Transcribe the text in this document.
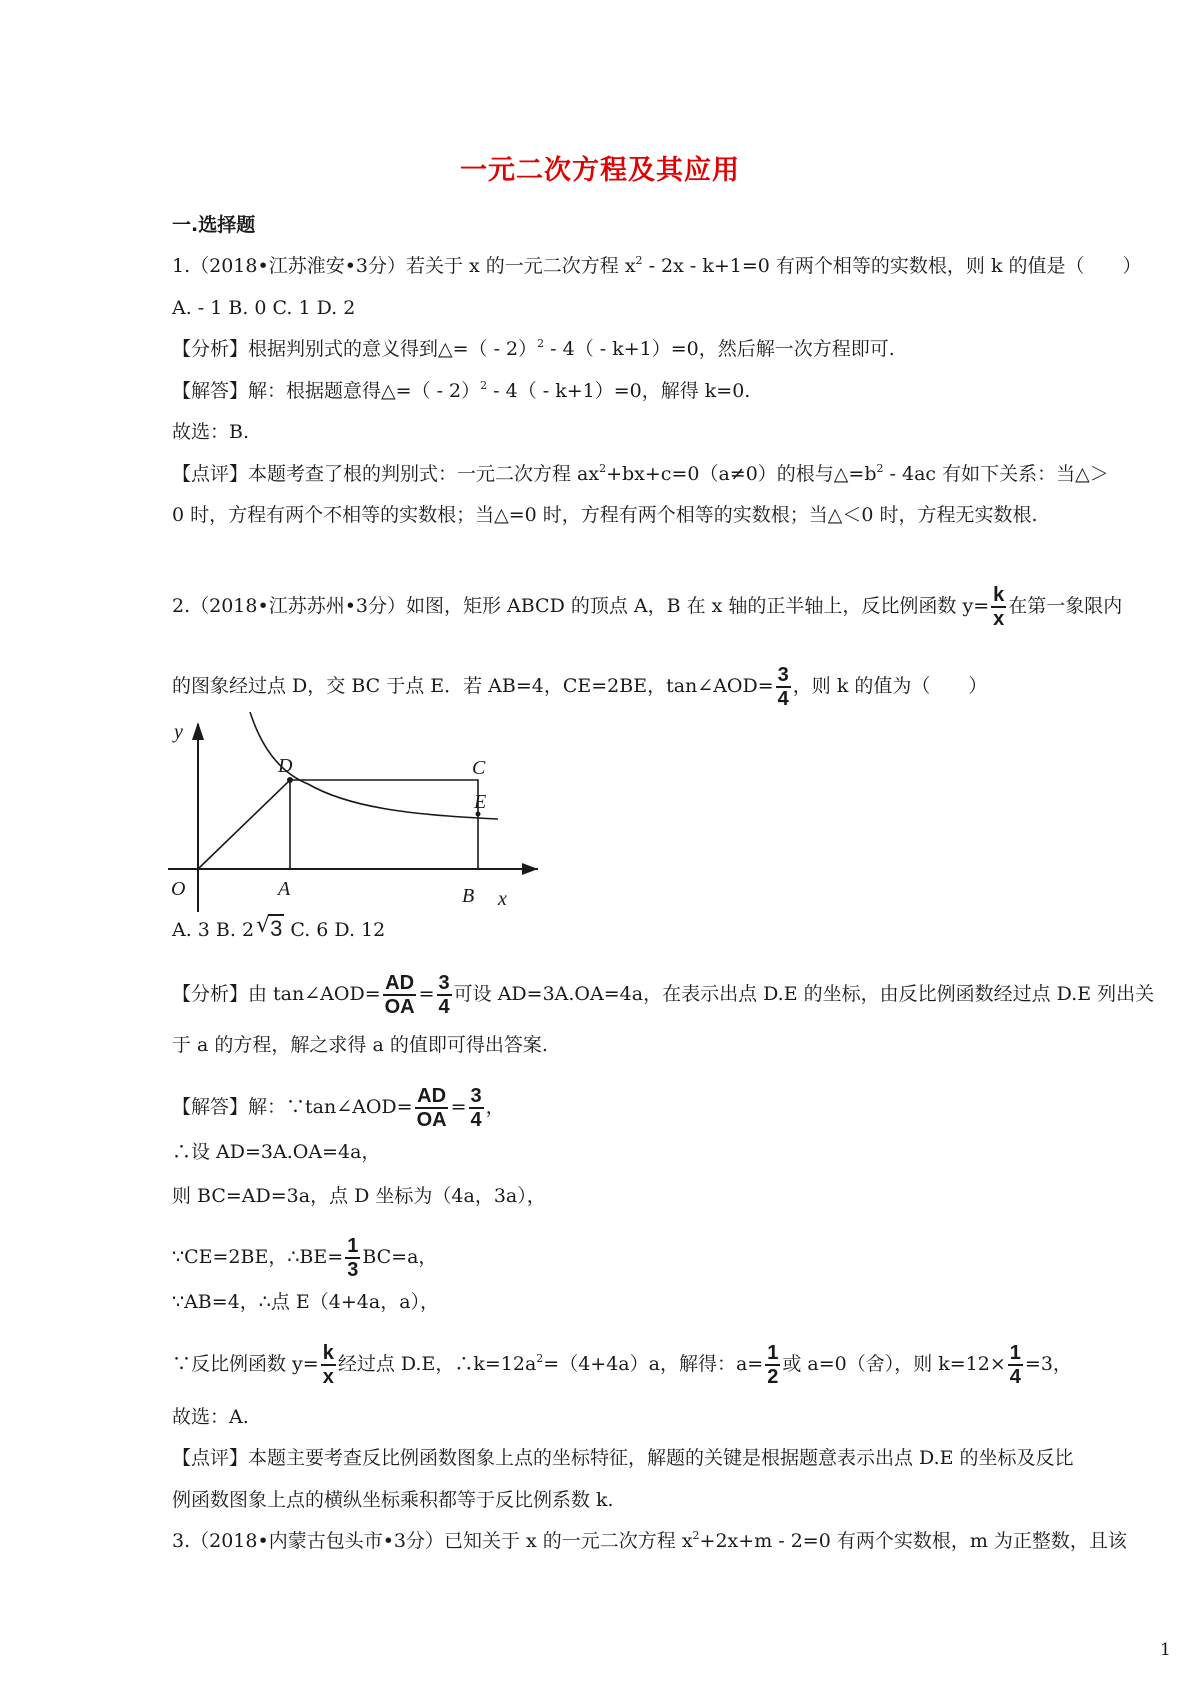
一元二次方程及其应用
一.选择题
1.（2018•江苏淮安•3分）若关于 x 的一元二次方程 $x^2 - 2x - k+1=0$ 有两个相等的实数根，则 k 的值是（　　）
A. - 1 B. 0 C. 1 D. 2
【分析】根据判别式的意义得到△=（ - 2）$^2$ - 4（ - k+1）=0，然后解一次方程即可.
【解答】解：根据题意得△=（ - 2）$^2$ - 4（ - k+1）=0，解得 k=0.
故选：B.
【点评】本题考查了根的判别式：一元二次方程 $ax^2+bx+c=0(a\ne 0)$的根与$\triangle=b^2 - 4ac$ 有如下关系：当△＞
0 时，方程有两个不相等的实数根；当△=0 时，方程有两个相等的实数根；当△＜0 时，方程无实数根.
2.（2018•江苏苏州•3分）如图，矩形 ABCD 的顶点 A，B 在 x 轴的正半轴上，反比例函数 $y= \frac{k}{x}$ 在第一象限内
的图象经过点 D，交 BC 于点 E．若 AB=4，CE=2BE，tan∠AOD= $\frac{3}{4}$ ，则 k 的值为（　　）
y
x
O	A	B
C
D
E
A. 3 B. 2 √ 3 C. 6 D. 12
【分析】由 tan∠AOD= $\frac{AD}{OA} = \frac{3}{4}$ 可设 AD=3A.OA=4a，在表示出点 D.E 的坐标，由反比例函数经过点 D.E 列出关
于 a 的方程，解之求得 a 的值即可得出答案.
【解答】解：∵tan∠AOD= $\frac{AD}{OA} = \frac{3}{4}$ ，
∴设 AD=3A.OA=4a，
则 BC=AD=3a，点 D 坐标为（4a，3a），
∵CE=2BE，∴BE= $\frac{1}{3} BC=a$，
∵AB=4，∴点 E（4+4a，a），
∵反比例函数 $y= \frac{k}{x}$ 经过点 D.E，$\therefore k=12a^2=(4+4a)a$，解得：$a= \frac{1}{2}$ 或 a=0（舍），则 $k=12\times \frac{1}{4} =3$，
故选：A.
【点评】本题主要考查反比例函数图象上点的坐标特征，解题的关键是根据题意表示出点 D.E 的坐标及反比
例函数图象上点的横纵坐标乘积都等于反比例系数 k.
3.（2018•内蒙古包头市•3分）已知关于 x 的一元二次方程 $x^2+2x+m - 2=0$ 有两个实数根，m 为正整数，且该
1
